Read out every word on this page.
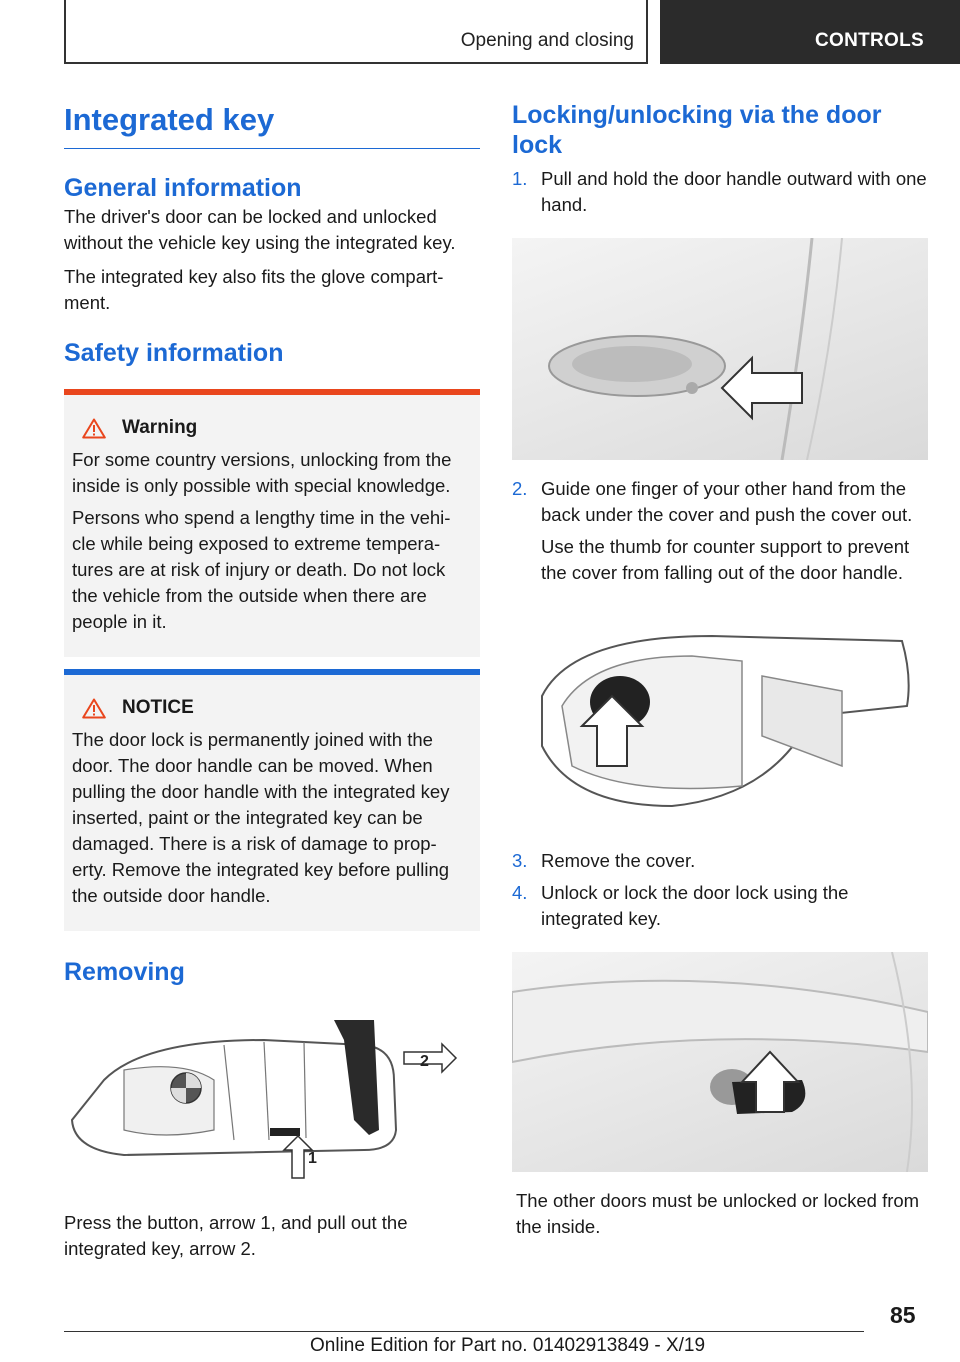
Opening and closing	CONTROLS
Integrated key
General information

The driver's door can be locked and unlocked without the vehicle key using the integrated key.

The integrated key also fits the glove compart‐ ment.

Safety information
Warning

For some country versions, unlocking from the inside is only possible with special knowledge.

Persons who spend a lengthy time in the vehi‐ cle while being exposed to extreme tempera‐ tures are at risk of injury or death. Do not lock the vehicle from the outside when there are people in it.

NOTICE

The door lock is permanently joined with the door. The door handle can be moved. When pulling the door handle with the integrated key inserted, paint or the integrated key can be damaged. There is a risk of damage to prop‐ erty. Remove the integrated key before pulling the outside door handle.

Removing
2
1

Press the button, arrow 1, and pull out the integrated key, arrow 2.

Locking/unlocking via the door lock
1. Pull and hold the door handle outward with one hand.
2. Guide one finger of your other hand from the back under the cover and push the cover out.
Use the thumb for counter support to prevent the cover from falling out of the door handle.
3. Remove the cover.
4. Unlock or lock the door lock using the integrated key.

The other doors must be unlocked or locked from the inside.

85
Online Edition for Part no. 01402913849 - X/19
